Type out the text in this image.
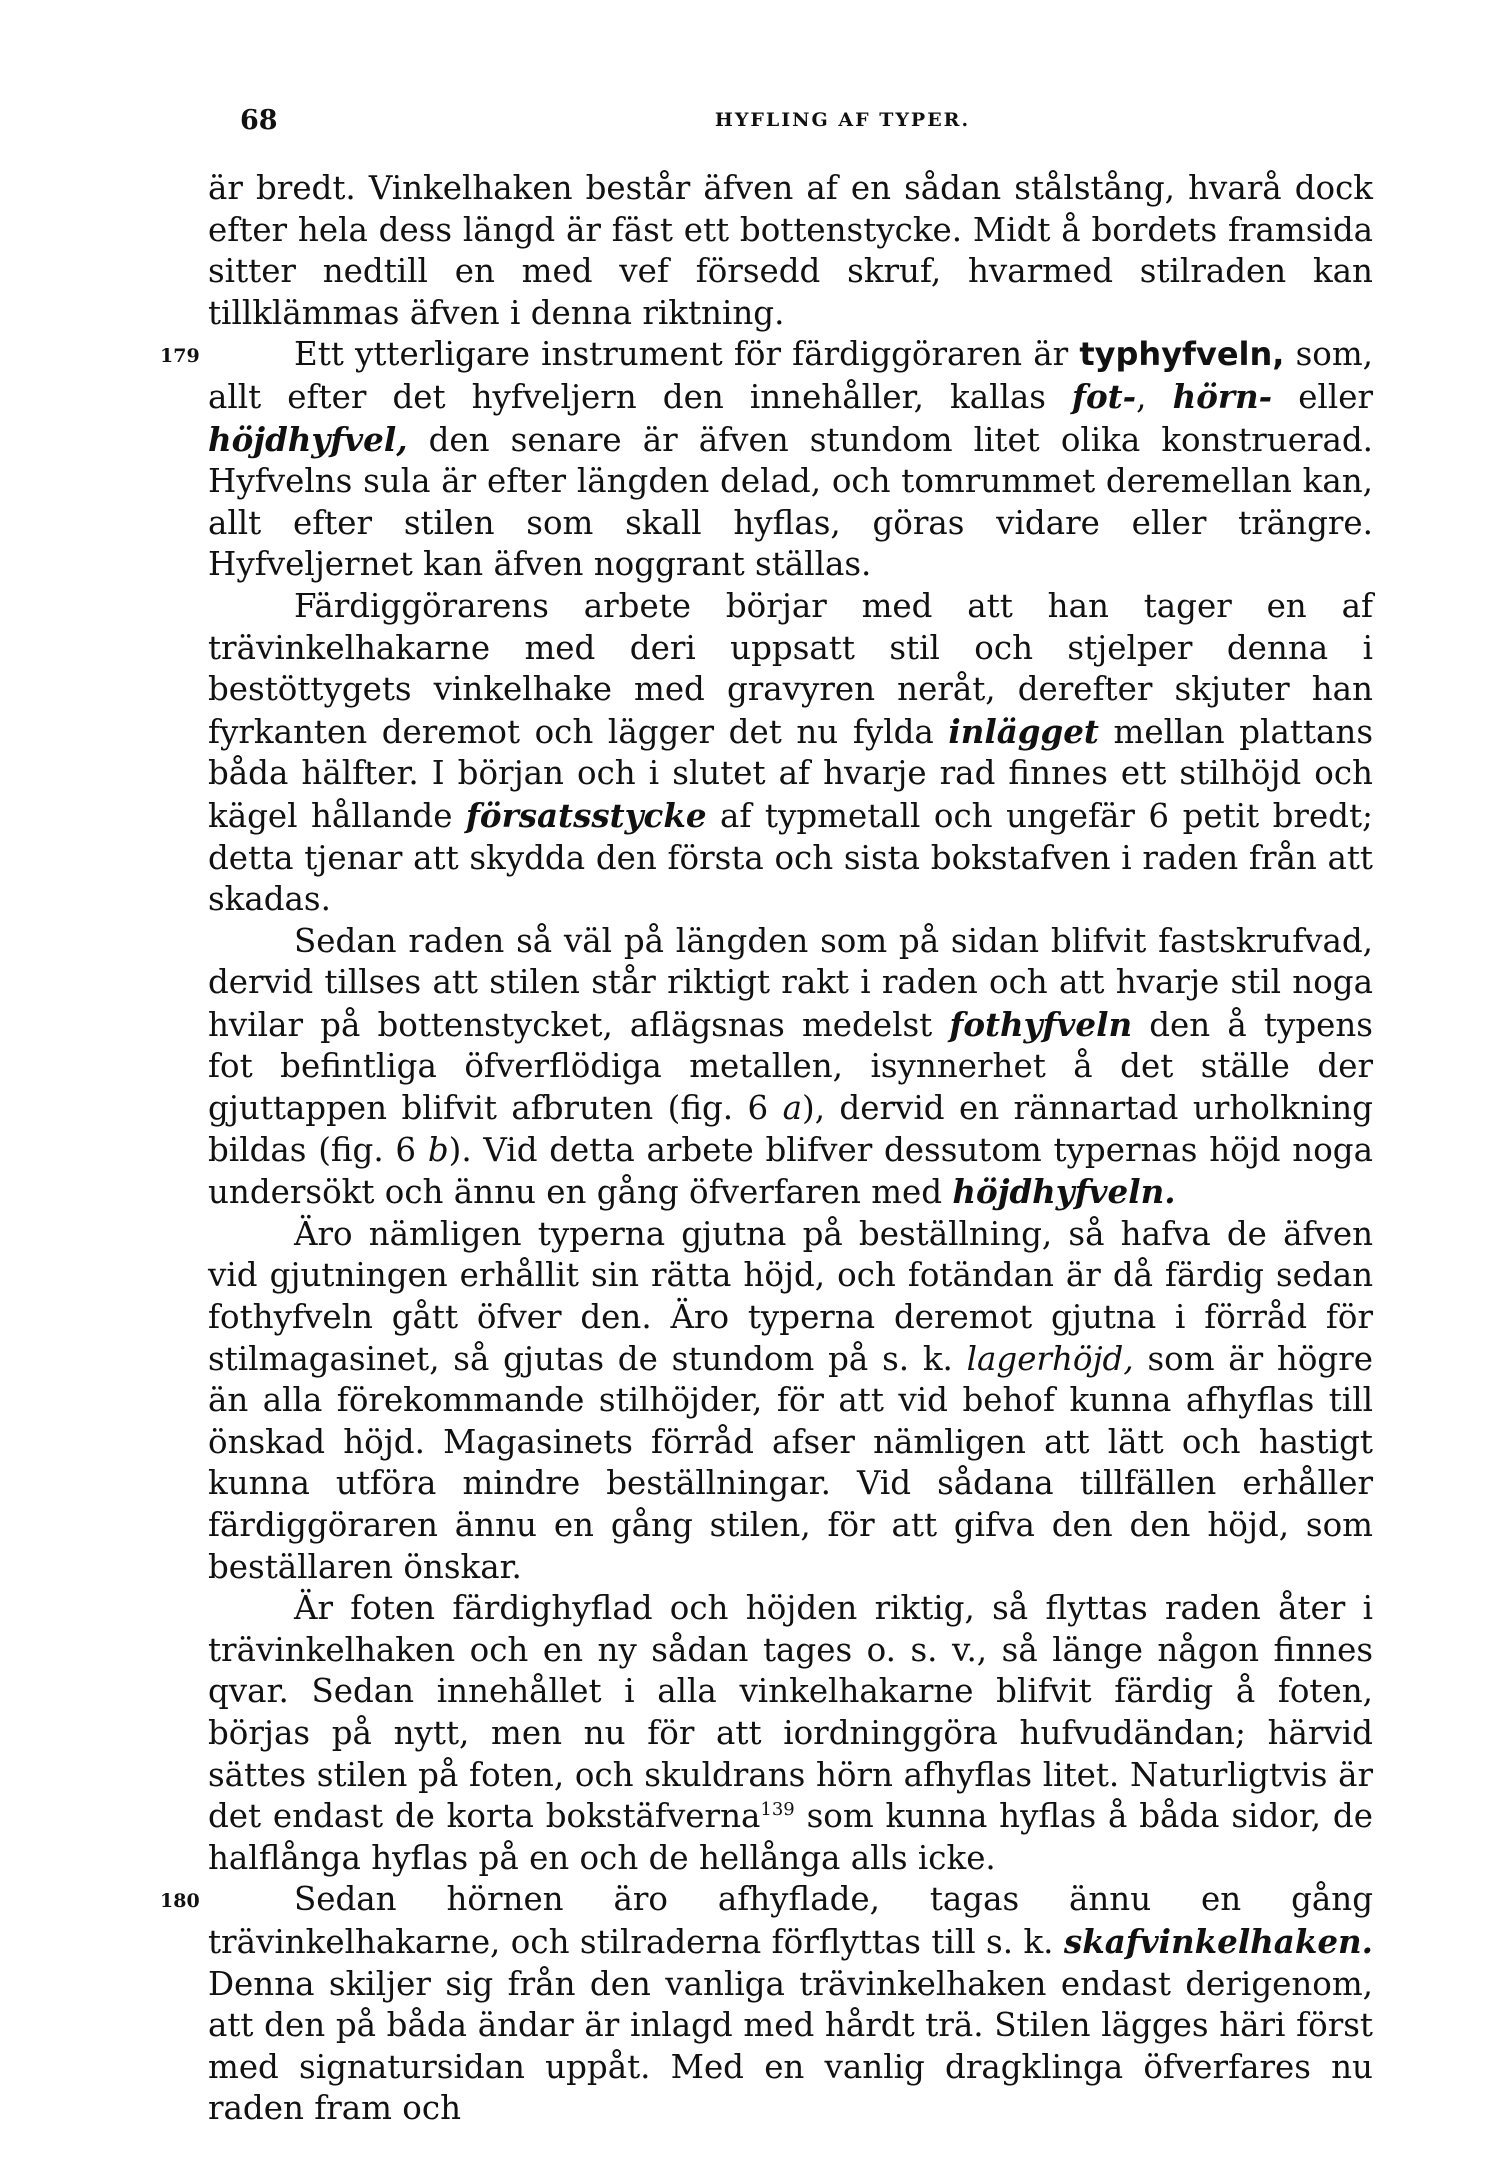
68	HYFLING AF TYPER.

är bredt. Vinkelhaken består äfven af en sådan stålstång, hvarå dock efter hela dess längd är fäst ett bottenstycke. Midt å bordets framsida sitter nedtill en med vef försedd skruf, hvarmed stilraden kan tillklämmas äfven i denna riktning.

179	Ett ytterligare instrument för färdiggöraren är typhyfveln, som, allt efter det hyfveljern den innehåller, kallas fot-, hörn- eller höjdhyfvel, den senare är äfven stundom litet olika konstruerad. Hyfvelns sula är efter längden delad, och tomrummet deremellan kan, allt efter stilen som skall hyflas, göras vidare eller trängre. Hyfveljernet kan äfven noggrant ställas.

Färdiggörarens arbete börjar med att han tager en af trävinkelhakarne med deri uppsatt stil och stjelper denna i bestöttygets vinkelhake med gravyren neråt, derefter skjuter han fyrkanten deremot och lägger det nu fylda inlägget mellan plattans båda hälfter. I början och i slutet af hvarje rad finnes ett stilhöjd och kägel hållande försatsstycke af typmetall och ungefär 6 petit bredt; detta tjenar att skydda den första och sista bokstafven i raden från att skadas.

Sedan raden så väl på längden som på sidan blifvit fastskrufvad, dervid tillses att stilen står riktigt rakt i raden och att hvarje stil noga hvilar på bottenstycket, aflägsnas medelst fothyfveln den å typens fot befintliga öfverflödiga metallen, isynnerhet å det ställe der gjuttappen blifvit afbruten (fig. 6 a), dervid en rännartad urholkning bildas (fig. 6 b). Vid detta arbete blifver dessutom typernas höjd noga undersökt och ännu en gång öfverfaren med höjdhyfveln.

Äro nämligen typerna gjutna på beställning, så hafva de äfven vid gjutningen erhållit sin rätta höjd, och fotändan är då färdig sedan fothyfveln gått öfver den. Äro typerna deremot gjutna i förråd för stilmagasinet, så gjutas de stundom på s. k. lagerhöjd, som är högre än alla förekommande stilhöjder, för att vid behof kunna afhyflas till önskad höjd. Magasinets förråd afser nämligen att lätt och hastigt kunna utföra mindre beställningar. Vid sådana tillfällen erhåller färdiggöraren ännu en gång stilen, för att gifva den den höjd, som beställaren önskar.

Är foten färdighyflad och höjden riktig, så flyttas raden åter i trävinkelhaken och en ny sådan tages o. s. v., så länge någon finnes qvar. Sedan innehållet i alla vinkelhakarne blifvit färdig å foten, börjas på nytt, men nu för att iordninggöra hufvudändan; härvid sättes stilen på foten, och skuldrans hörn afhyflas litet. Naturligtvis är det endast de korta bokstäfverna$^{139}$ som kunna hyflas å båda sidor, de halflånga hyflas på en och de hellånga alls icke.

180	Sedan hörnen äro afhyflade, tagas ännu en gång trävinkelhakarne, och stilraderna förflyttas till s. k. skafvinkelhaken. Denna skiljer sig från den vanliga trävinkelhaken endast derigenom, att den på båda ändar är inlagd med hårdt trä. Stilen lägges häri först med signatursidan uppåt. Med en vanlig dragklinga öfverfares nu raden fram och
